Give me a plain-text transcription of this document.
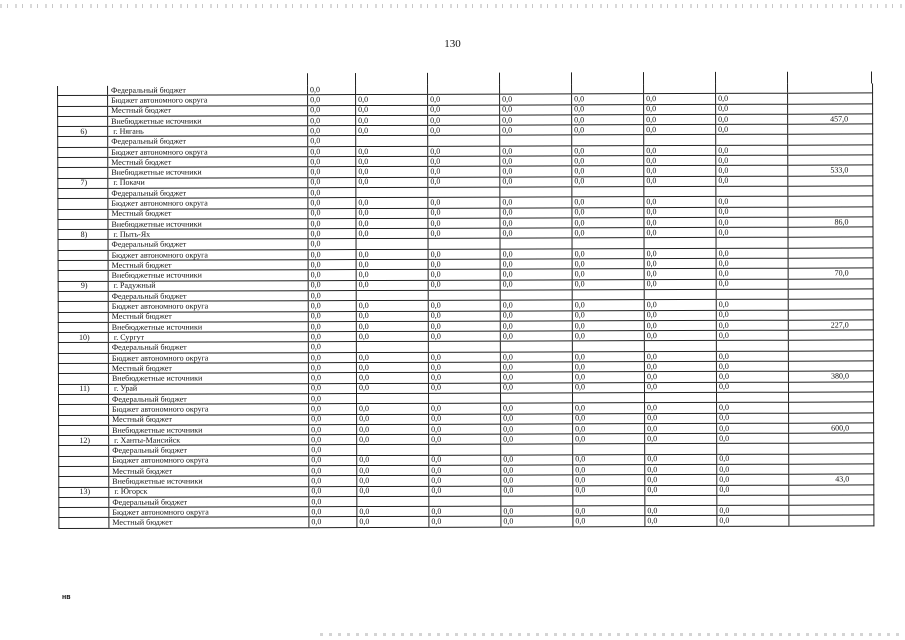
130
	Федеральный бюджет	0,0							
	Бюджет автономного округа	0,0	0,0	0,0	0,0	0,0	0,0	0,0	
	Местный бюджет	0,0	0,0	0,0	0,0	0,0	0,0	0,0	
	Внебюджетные источники	0,0	0,0	0,0	0,0	0,0	0,0	0,0	457,0
6)	г. Нягань	0,0	0,0	0,0	0,0	0,0	0,0	0,0	
	Федеральный бюджет	0,0							
	Бюджет автономного округа	0,0	0,0	0,0	0,0	0,0	0,0	0,0	
	Местный бюджет	0,0	0,0	0,0	0,0	0,0	0,0	0,0	
	Внебюджетные источники	0,0	0,0	0,0	0,0	0,0	0,0	0,0	533,0
7)	г. Покачи	0,0	0,0	0,0	0,0	0,0	0,0	0,0	
	Федеральный бюджет	0,0							
	Бюджет автономного округа	0,0	0,0	0,0	0,0	0,0	0,0	0,0	
	Местный бюджет	0,0	0,0	0,0	0,0	0,0	0,0	0,0	
	Внебюджетные источники	0,0	0,0	0,0	0,0	0,0	0,0	0,0	86,0
8)	г. Пыть-Ях	0,0	0,0	0,0	0,0	0,0	0,0	0,0	
	Федеральный бюджет	0,0							
	Бюджет автономного округа	0,0	0,0	0,0	0,0	0,0	0,0	0,0	
	Местный бюджет	0,0	0,0	0,0	0,0	0,0	0,0	0,0	
	Внебюджетные источники	0,0	0,0	0,0	0,0	0,0	0,0	0,0	70,0
9)	г. Радужный	0,0	0,0	0,0	0,0	0,0	0,0	0,0	
	Федеральный бюджет	0,0							
	Бюджет автономного округа	0,0	0,0	0,0	0,0	0,0	0,0	0,0	
	Местный бюджет	0,0	0,0	0,0	0,0	0,0	0,0	0,0	
	Внебюджетные источники	0,0	0,0	0,0	0,0	0,0	0,0	0,0	227,0
10)	г. Сургут	0,0	0,0	0,0	0,0	0,0	0,0	0,0	
	Федеральный бюджет	0,0							
	Бюджет автономного округа	0,0	0,0	0,0	0,0	0,0	0,0	0,0	
	Местный бюджет	0,0	0,0	0,0	0,0	0,0	0,0	0,0	
	Внебюджетные источники	0,0	0,0	0,0	0,0	0,0	0,0	0,0	380,0
11)	г. Урай	0,0	0,0	0,0	0,0	0,0	0,0	0,0	
	Федеральный бюджет	0,0							
	Бюджет автономного округа	0,0	0,0	0,0	0,0	0,0	0,0	0,0	
	Местный бюджет	0,0	0,0	0,0	0,0	0,0	0,0	0,0	
	Внебюджетные источники	0,0	0,0	0,0	0,0	0,0	0,0	0,0	600,0
12)	г. Ханты-Мансийск	0,0	0,0	0,0	0,0	0,0	0,0	0,0	
	Федеральный бюджет	0,0							
	Бюджет автономного округа	0,0	0,0	0,0	0,0	0,0	0,0	0,0	
	Местный бюджет	0,0	0,0	0,0	0,0	0,0	0,0	0,0	
	Внебюджетные источники	0,0	0,0	0,0	0,0	0,0	0,0	0,0	43,0
13)	г. Югорск	0,0	0,0	0,0	0,0	0,0	0,0	0,0	
	Федеральный бюджет	0,0							
	Бюджет автономного округа	0,0	0,0	0,0	0,0	0,0	0,0	0,0	
	Местный бюджет	0,0	0,0	0,0	0,0	0,0	0,0	0,0	
нв
